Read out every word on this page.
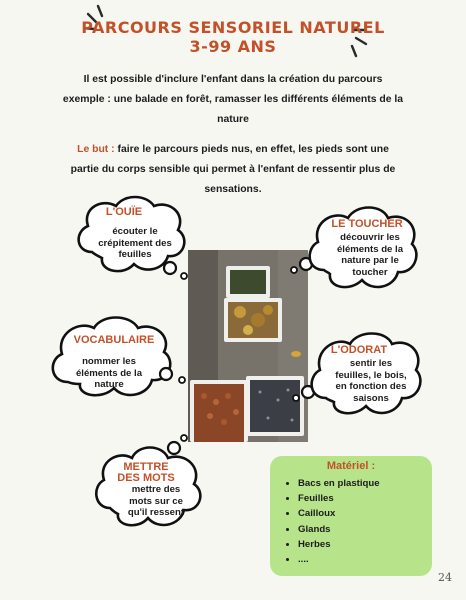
PARCOURS SENSORIEL NATUREL
3-99 ANS
Il est possible d'inclure l'enfant dans la création du parcours
exemple : une balade en forêt, ramasser les différents éléments de la
nature
Le but : faire le parcours pieds nus, en effet, les pieds sont une
partie du corps sensible qui permet à l'enfant de ressentir plus de
sensations.
L'OUÏE
écouter le
crépitement des
feuilles
LE TOUCHER
découvrir les
éléments de la
nature par le
toucher
VOCABULAIRE
nommer les
éléments de la
nature
L'ODORAT
sentir les
feuilles, le bois,
en fonction des
saisons
METTRE
DES MOTS
mettre des
mots sur ce
qu'il ressent
Matériel :
• Bacs en plastique
• Feuilles
• Cailloux
• Glands
• Herbes
• ....
24
